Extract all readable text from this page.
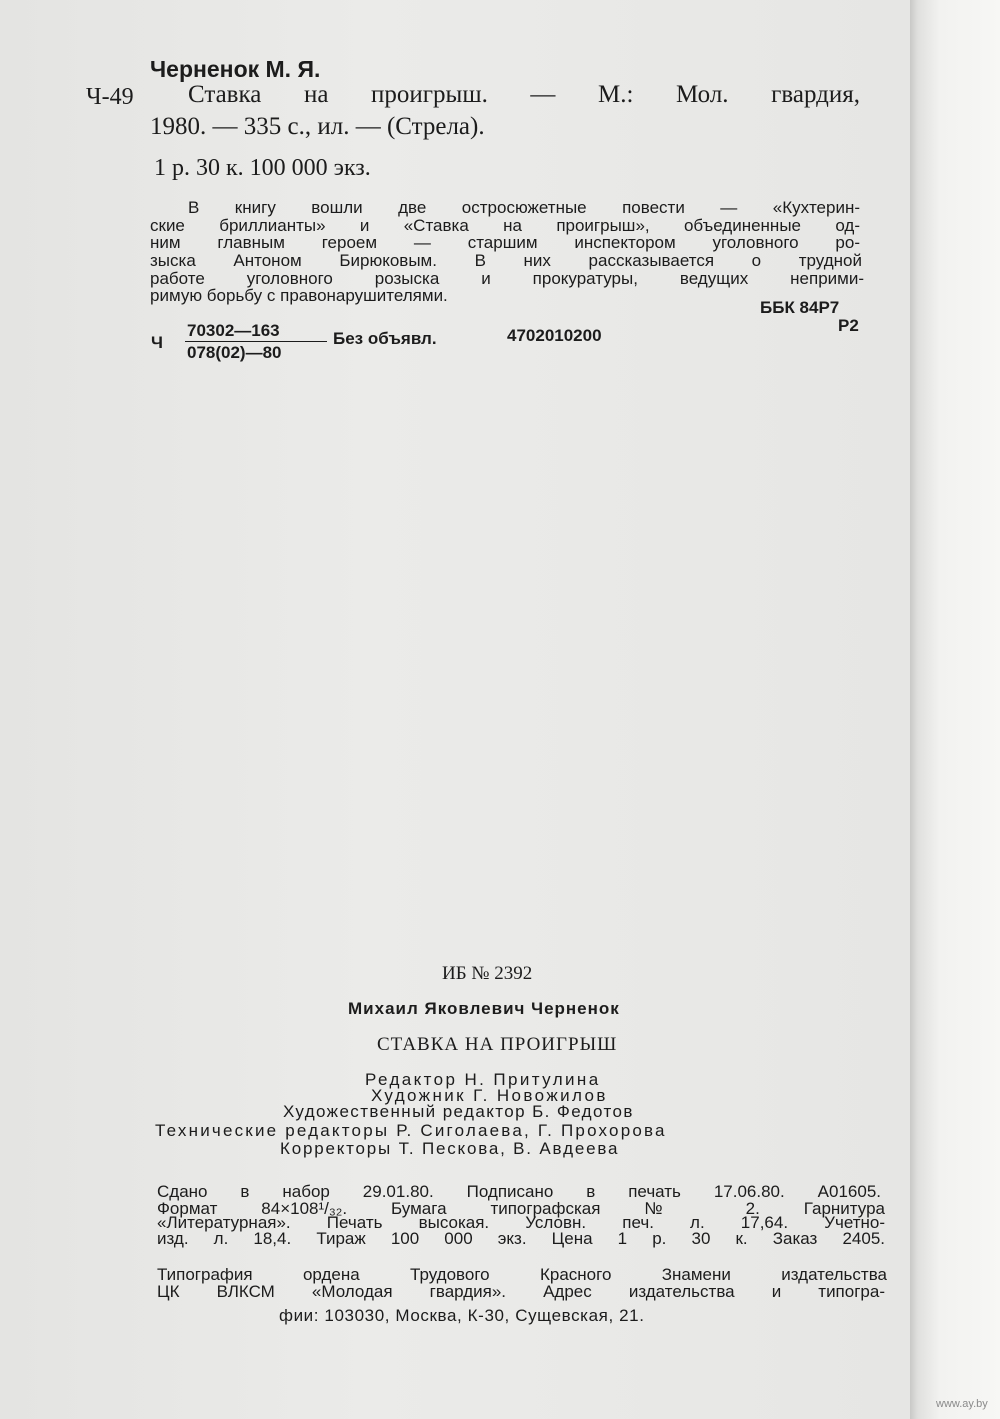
Черненок М. Я.
Ч-49 Ставка на проигрыш. — М.: Мол. гвардия,
1980. — 335 с., ил. — (Стрела).
1 р. 30 к. 100 000 экз.
В книгу вошли две остросюжетные повести — «Кухтерин-
ские бриллианты» и «Ставка на проигрыш», объединенные од-
ним главным героем — старшим инспектором уголовного ро-
зыска Антоном Бирюковым. В них рассказывается о трудной
работе уголовного розыска и прокуратуры, ведущих неприми-
римую борьбу с правонарушителями.
ББК 84Р7
Р2
Ч
70302—163
078(02)—80
Без объявл.	4702010200
ИБ № 2392
Михаил Яковлевич Черненок
СТАВКА НА ПРОИГРЫШ
Редактор Н. Притулина
Художник Г. Новожилов
Художественный редактор Б. Федотов
Технические редакторы Р. Сиголаева, Г. Прохорова
Корректоры Т. Пескова, В. Авдеева
Сдано в набор 29.01.80. Подписано в печать 17.06.80. А01605.
Формат 84×108¹/₃₂. Бумага типографская № 2. Гарнитура
«Литературная». Печать высокая. Условн. печ. л. 17,64. Учетно-
изд. л. 18,4. Тираж 100 000 экз. Цена 1 р. 30 к. Заказ 2405.
Типография ордена Трудового Красного Знамени издательства
ЦК ВЛКСМ «Молодая гвардия». Адрес издательства и типогра-
фии: 103030, Москва, К-30, Сущевская, 21.
www.ay.by
